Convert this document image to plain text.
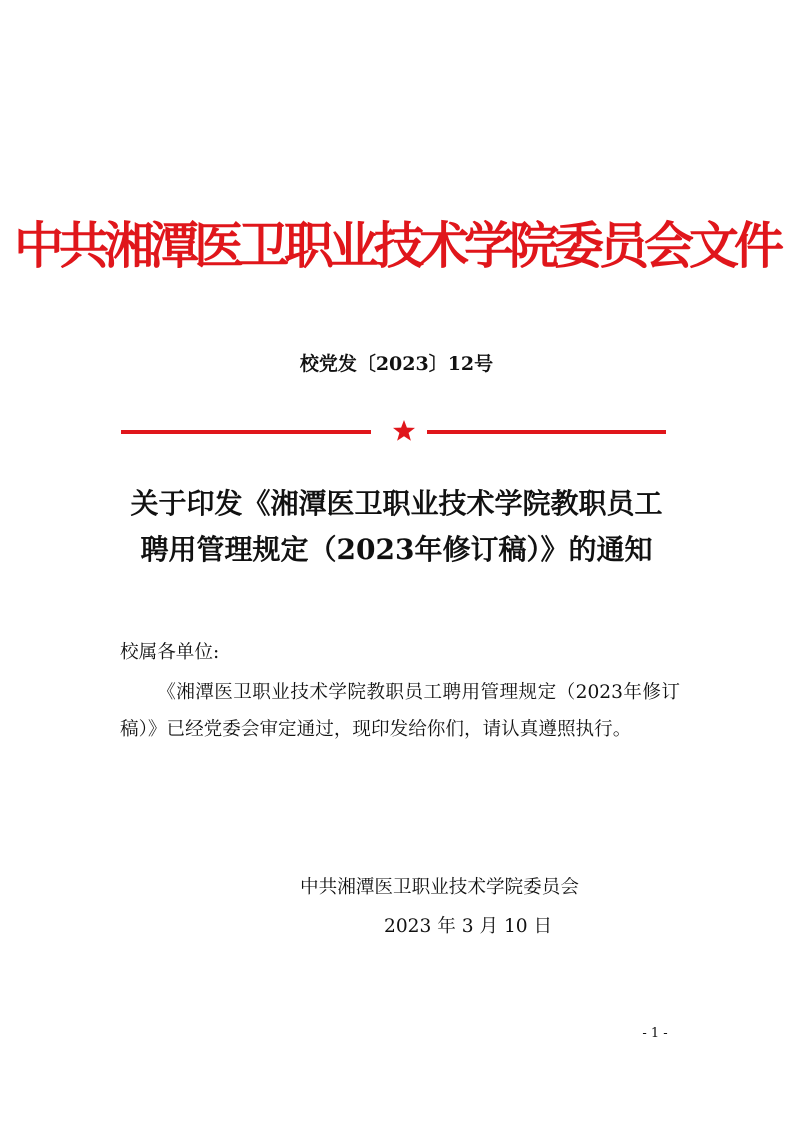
中共湘潭医卫职业技术学院委员会文件
校党发〔2023〕12号
关于印发《湘潭医卫职业技术学院教职员工
聘用管理规定（2023年修订稿）》的通知
校属各单位:
《湘潭医卫职业技术学院教职员工聘用管理规定（2023年修订稿）》已经党委会审定通过，现印发给你们，请认真遵照执行。
中共湘潭医卫职业技术学院委员会
2023 年 3 月 10 日
- 1 -
